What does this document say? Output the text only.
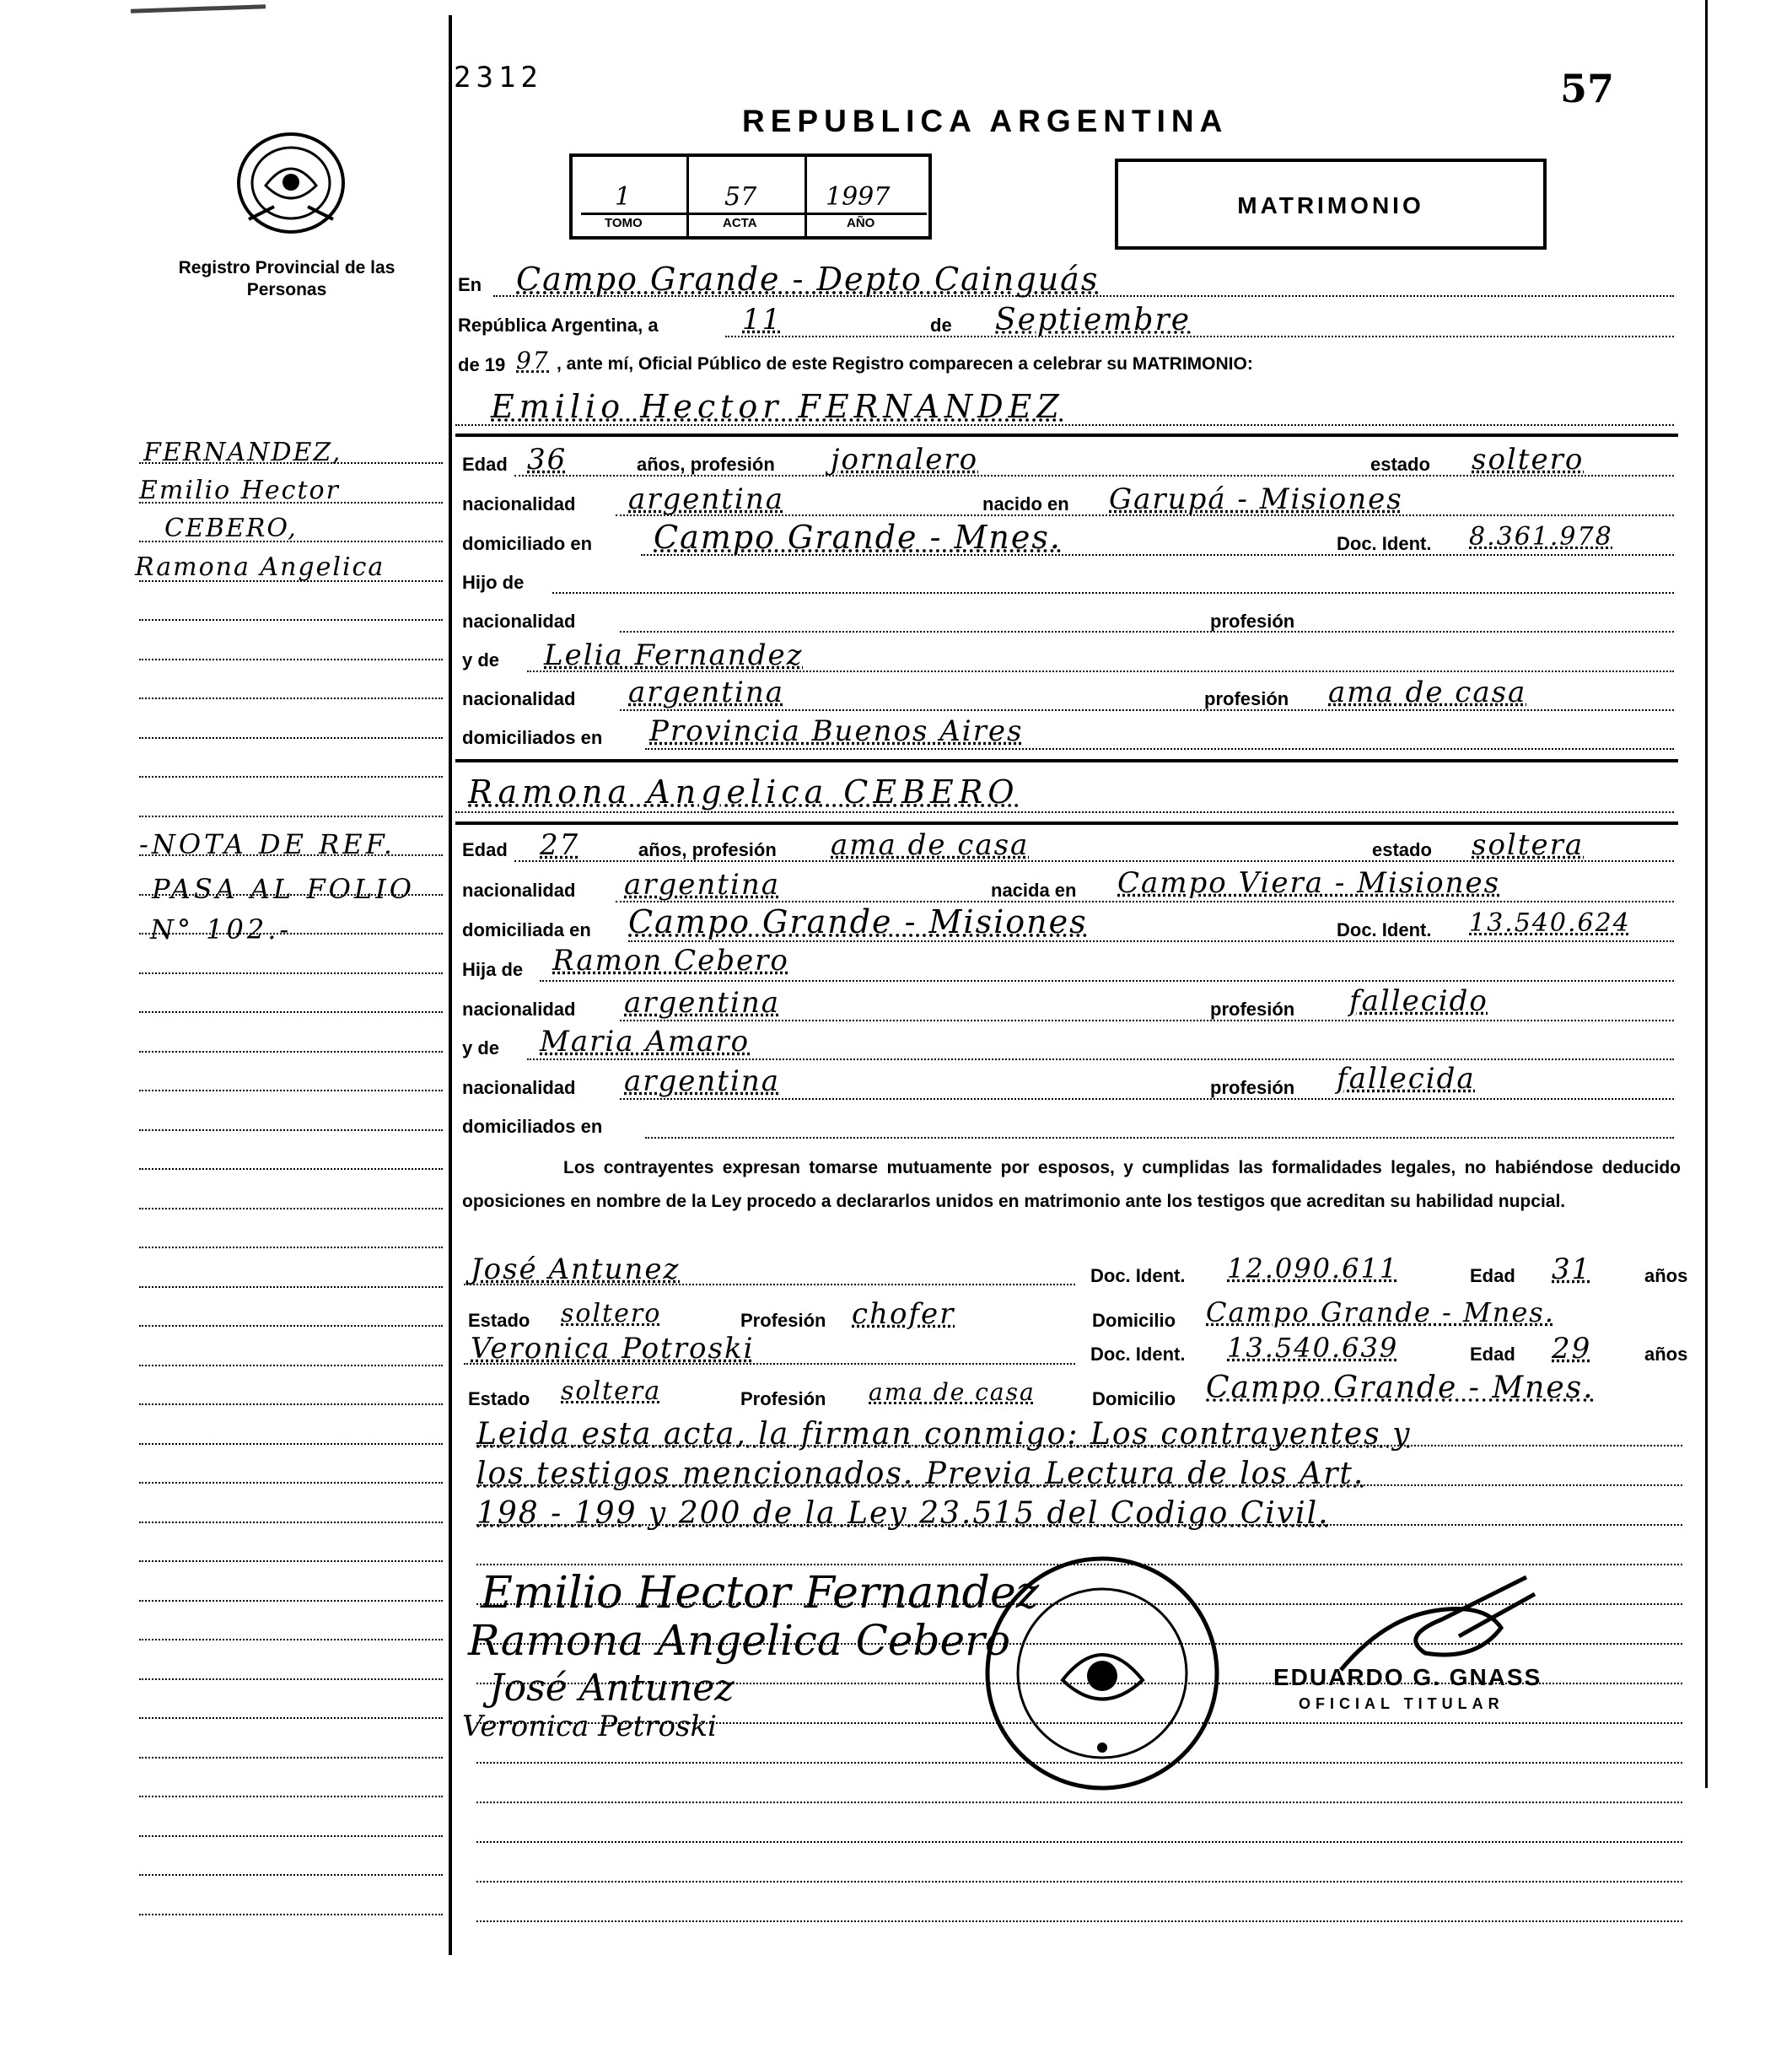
2312
Registro Provincial de las Personas
57
REPUBLICA ARGENTINA
1	57	1997
TOMO	ACTA	AÑO
MATRIMONIO
En Campo Grande - Depto Cainguás
República Argentina, a	11	de Septiembre
de 19 97 , ante mí, Oficial Público de este Registro comparecen a celebrar su MATRIMONIO:
Emilio Hector FERNANDEZ
Edad 36	años, profesión jornalero	estado soltero
nacionalidad argentina	nacido en Garupá - Misiones
domiciliado en Campo Grande - Mnes.	Doc. Ident. 8.361.978
Hijo de
nacionalidad	profesión
y de Lelia Fernandez
nacionalidad argentina	profesión ama de casa
domiciliados en Provincia Buenos Aires
Ramona Angelica CEBERO
Edad 27	años, profesión ama de casa	estado soltera
nacionalidad argentina	nacida en Campo Viera - Misiones
domiciliada en Campo Grande - Misiones	Doc. Ident. 13.540.624
Hija de Ramon Cebero
nacionalidad argentina	profesión fallecido
y de Maria Amaro
nacionalidad argentina	profesión fallecida
domiciliados en
Los contrayentes expresan tomarse mutuamente por esposos, y cumplidas las formalidades legales, no habiéndose deducido oposiciones en nombre de la Ley procedo a declararlos unidos en matrimonio ante los testigos que acreditan su habilidad nupcial.
José Antunez	Doc. Ident. 12.090.611	Edad 31	años
Estado soltero	Profesión chofer	Domicilio Campo Grande - Mnes.
Veronica Potroski	Doc. Ident. 13.540.639	Edad 29	años
Estado soltera	Profesión ama de casa	Domicilio Campo Grande - Mnes.
Leida esta acta, la firman conmigo: Los contrayentes y
los testigos mencionados. Previa Lectura de los Art.
198 - 199 y 200 de la Ley 23.515 del Codigo Civil.
Emilio Hector Fernandez
Ramona Angelica Cebero
José Antunez
Veronica Petroski
EDUARDO G. GNASS
OFICIAL TITULAR
FERNANDEZ,
Emilio Hector
CEBERO,
Ramona Angelica
-NOTA DE REF.
PASA AL FOLIO
N° 102.-
